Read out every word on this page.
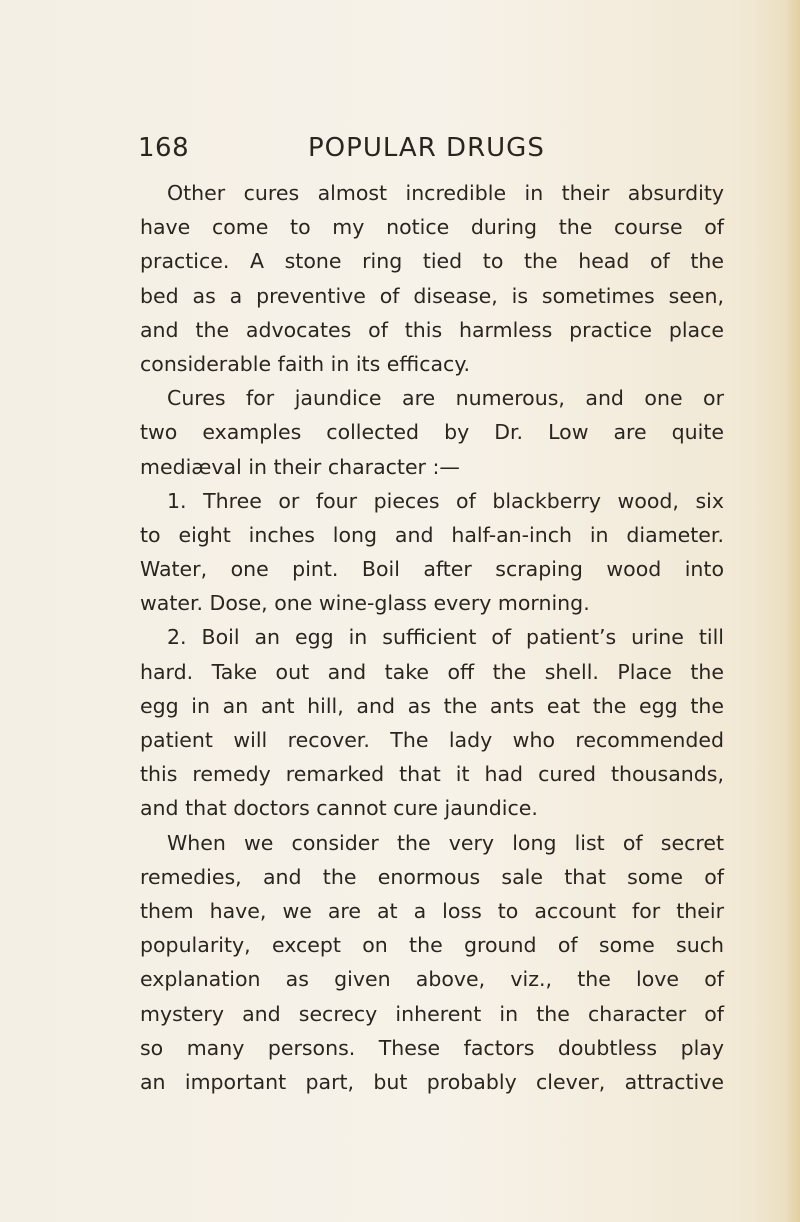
168	POPULAR DRUGS
Other cures almost incredible in their absurdity
have come to my notice during the course of
practice. A stone ring tied to the head of the
bed as a preventive of disease, is sometimes seen,
and the advocates of this harmless practice place
considerable faith in its efficacy.
Cures for jaundice are numerous, and one or
two examples collected by Dr. Low are quite
mediæval in their character :—
1. Three or four pieces of blackberry wood, six
to eight inches long and half-an-inch in diameter.
Water, one pint. Boil after scraping wood into
water. Dose, one wine-glass every morning.
2. Boil an egg in sufficient of patient’s urine till
hard. Take out and take off the shell. Place the
egg in an ant hill, and as the ants eat the egg the
patient will recover. The lady who recommended
this remedy remarked that it had cured thousands,
and that doctors cannot cure jaundice.
When we consider the very long list of secret
remedies, and the enormous sale that some of
them have, we are at a loss to account for their
popularity, except on the ground of some such
explanation as given above, viz., the love of
mystery and secrecy inherent in the character of
so many persons. These factors doubtless play
an important part, but probably clever, attractive
